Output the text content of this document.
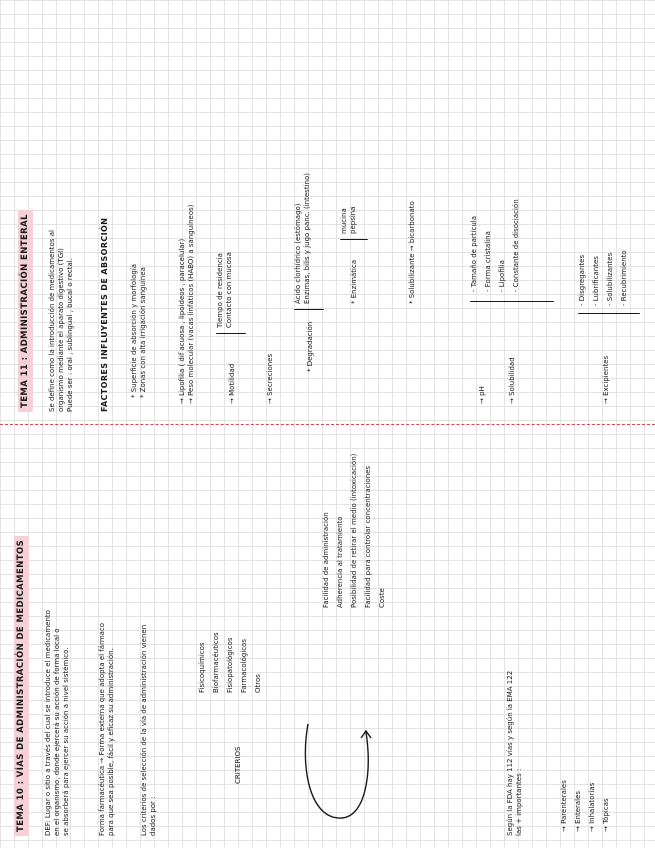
TEMA 10 : VÍAS DE ADMINISTRACIÓN DE MEDICAMENTOS	DEF: Lugar o sitio a través del cual se introduce el medicamento en el organismo, donde ejercerá su acción de forma local o se absorberá para ejercer su acción a nivel sistémico.	Forma farmacéutica → Forma externa que adopta el fármaco para que sea posible, fácil y eficaz su administración.	Los criterios de selección de la vía de administración vienen dados por :
CRITERIOS
Fisicoquímicos Biofarmacéuticos Fisiopatológicos Farmacológicos Otros
Facilidad de administración Adherencia al tratamiento Posibilidad de retirar el medio (intoxicación) Facilidad para controlar concentraciones Coste
Según la FDA hay 112 vías y según la EMA 122 las + importantes :	→ Parenterales
→ Enterales
→ Inhalatorias
→ Tópicas
TEMA 11 : ADMINISTRACIÓN ENTERAL	Se define como la introducción de medicamentos al organismo mediante el aparato digestivo (TGI) Puede ser : oral , sublingual , bucal o rectal.	FACTORES INFLUYENTES DE ABSORCIÓN	* Superficie de absorción y morfología * Zonas con alta irrigación sanguínea	→ Lipofilia ( dif acuosa , lipoideos , paracelular) → Peso molecular (vacas linfáticos (HABO) a sanguíneos)	→ Motilidad
Tiempo de residencia Contacto con mucosa
→ Secreciones
* Degradación
Ácido clorhídrico (estómago) Enzimas, bilis y jugo panc. (intestino)	* Enzimática
mucina pepsina	* Solubilizante → bicarbonato
→ pH	→ Solubilidad
- Tamaño de partícula
- Forma cristalina
- Lipofilia
- Constante de disociación
→ Excipientes
- Disgregantes
- Lubrificantes
- Solubilizantes
- Recubrimiento
